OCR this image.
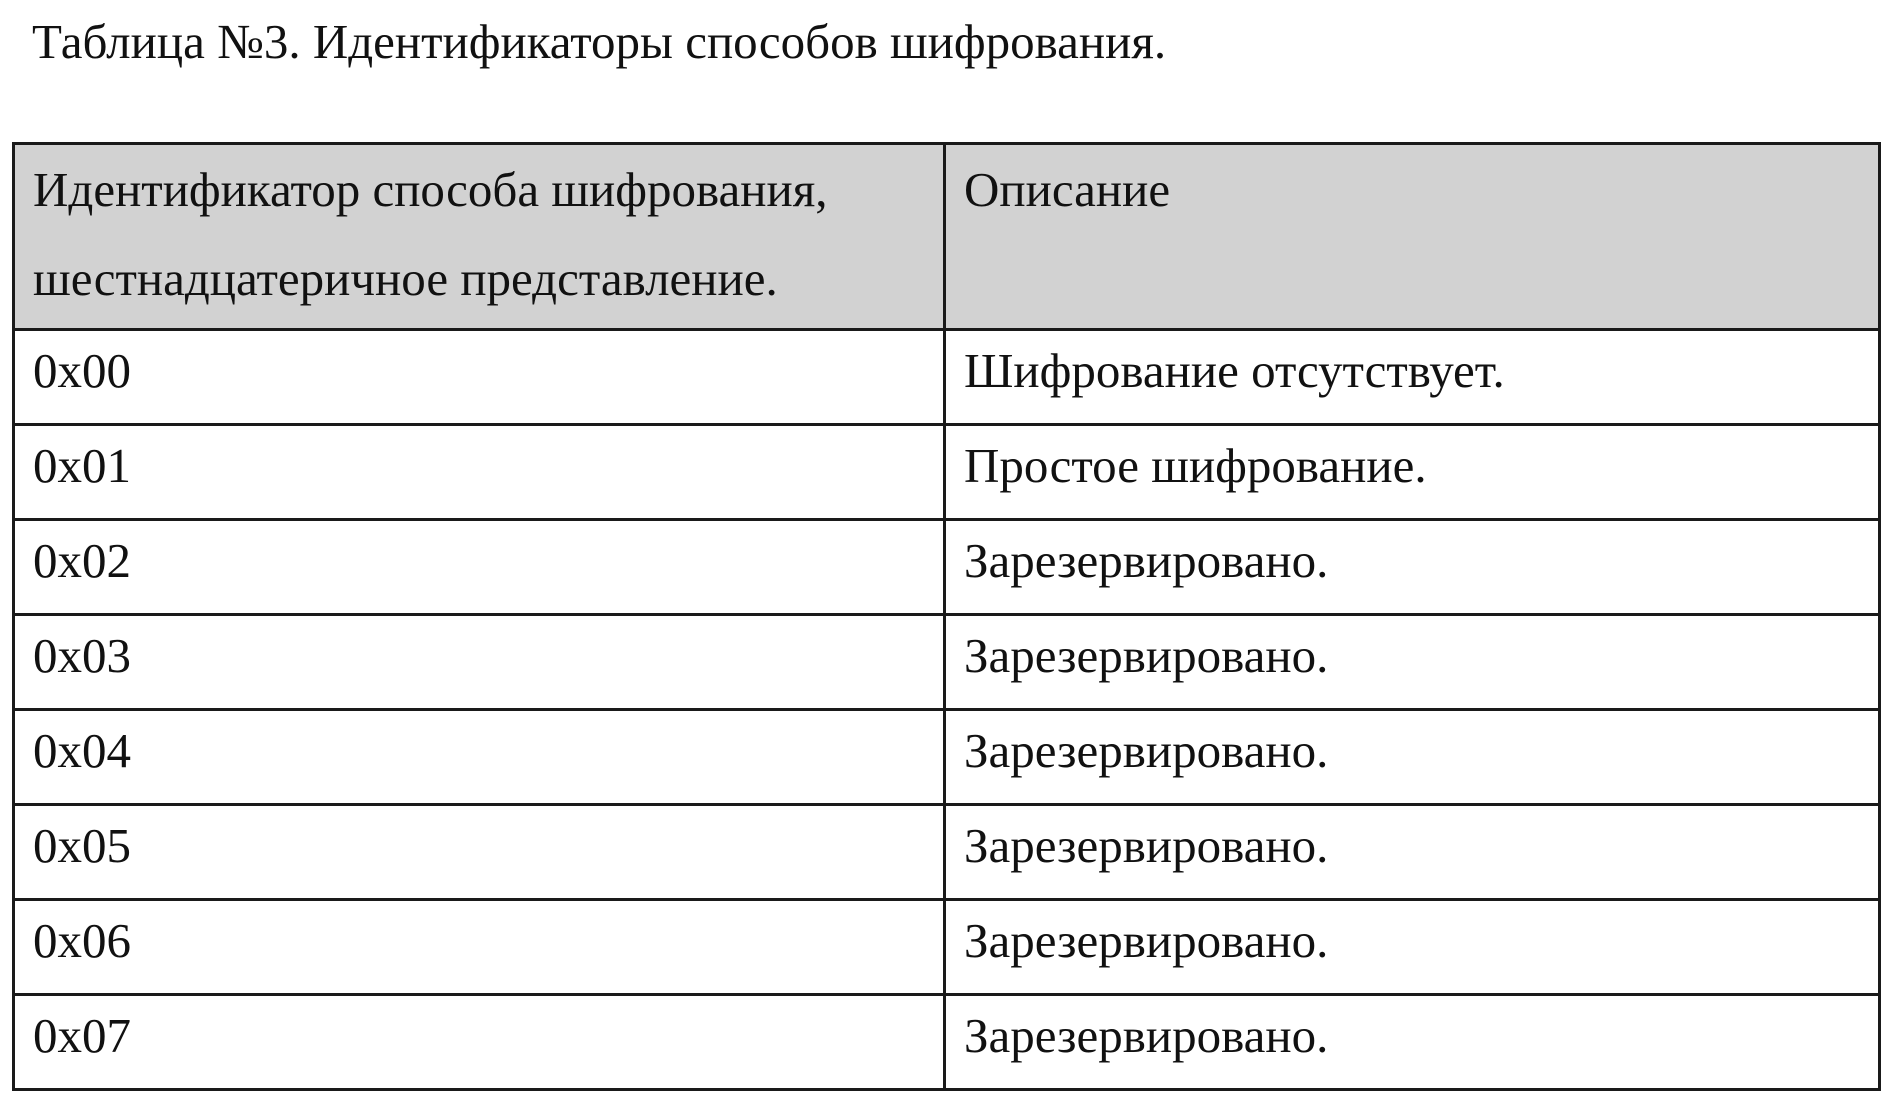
Таблица №3. Идентификаторы способов шифрования.
Идентификатор способа шифрования, шестнадцатеричное представление.	Описание
0x00	Шифрование отсутствует.
0x01	Простое шифрование.
0x02	Зарезервировано.
0x03	Зарезервировано.
0x04	Зарезервировано.
0x05	Зарезервировано.
0x06	Зарезервировано.
0x07	Зарезервировано.
